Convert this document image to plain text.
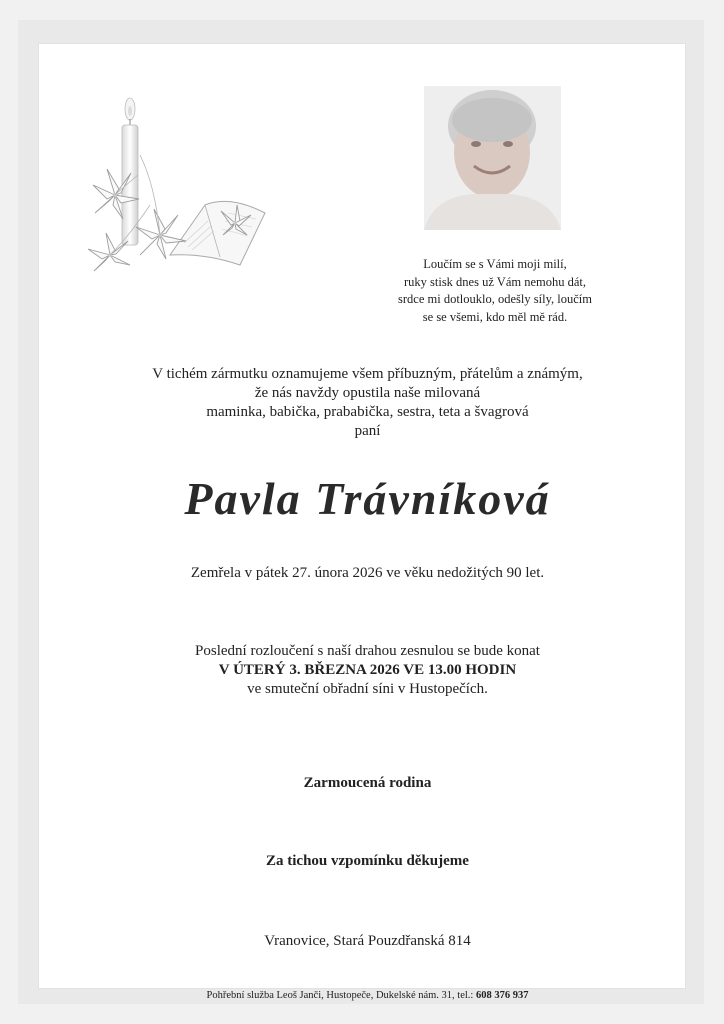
Loučím se s Vámi moji milí,
ruky stisk dnes už Vám nemohu dát,
srdce mi dotlouklo, odešly síly, loučím
se se všemi, kdo měl mě rád.
V tichém zármutku oznamujeme všem příbuzným, přátelům a známým,
že nás navždy opustila naše milovaná
maminka, babička, prababička, sestra, teta a švagrová
paní
Pavla Trávníková
Zemřela v pátek 27. února 2026 ve věku nedožitých 90 let.
Poslední rozloučení s naší drahou zesnulou se bude konat
V ÚTERÝ 3. BŘEZNA 2026 VE 13.00 HODIN
ve smuteční obřadní síni v Hustopečích.
Zarmoucená rodina
Za tichou vzpomínku děkujeme
Vranovice, Stará Pouzdřanská 814
Pohřební služba Leoš Janči, Hustopeče, Dukelské nám. 31, tel.: 608 376 937
